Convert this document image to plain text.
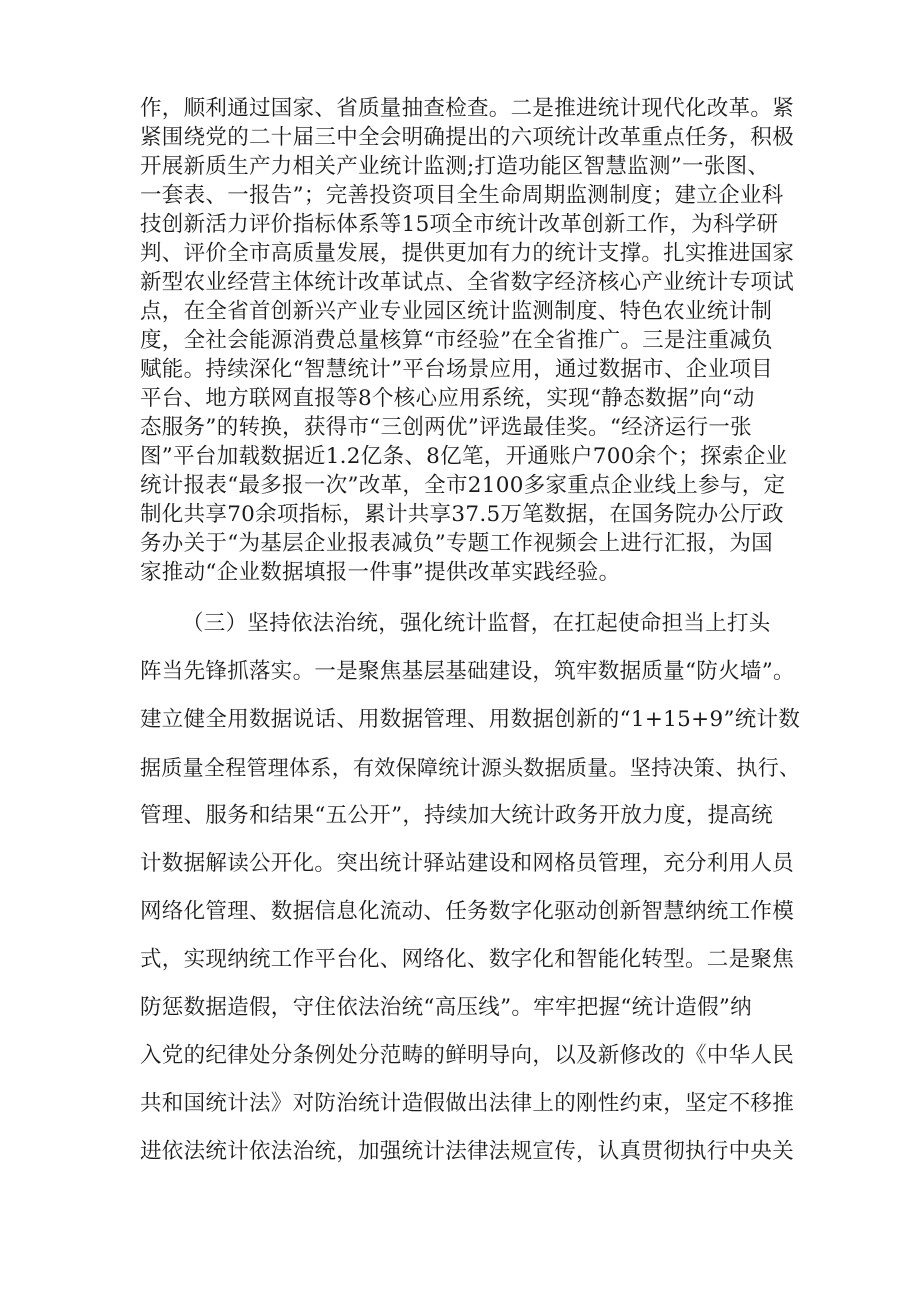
作，顺利通过国家、省质量抽查检查。二是推进统计现代化改革。紧
紧围绕党的二十届三中全会明确提出的六项统计改革重点任务，积极
开展新质生产力相关产业统计监测;打造功能区智慧监测”一张图、
一套表、一报告”；完善投资项目全生命周期监测制度；建立企业科
技创新活力评价指标体系等15项全市统计改革创新工作，为科学研
判、评价全市高质量发展，提供更加有力的统计支撑。扎实推进国家
新型农业经营主体统计改革试点、全省数字经济核心产业统计专项试
点，在全省首创新兴产业专业园区统计监测制度、特色农业统计制
度，全社会能源消费总量核算“市经验”在全省推广。三是注重减负
赋能。持续深化“智慧统计”平台场景应用，通过数据市、企业项目
平台、地方联网直报等8个核心应用系统，实现“静态数据”向“动
态服务”的转换，获得市“三创两优”评选最佳奖。“经济运行一张
图”平台加载数据近1.2亿条、8亿笔，开通账户700余个；探索企业
统计报表“最多报一次”改革，全市2100多家重点企业线上参与，定
制化共享70余项指标，累计共享37.5万笔数据，在国务院办公厅政
务办关于“为基层企业报表减负”专题工作视频会上进行汇报，为国
家推动“企业数据填报一件事”提供改革实践经验。
（三）坚持依法治统，强化统计监督，在扛起使命担当上打头
阵当先锋抓落实。一是聚焦基层基础建设，筑牢数据质量“防火墙”。
建立健全用数据说话、用数据管理、用数据创新的“1+15+9”统计数
据质量全程管理体系，有效保障统计源头数据质量。坚持决策、执行、
管理、服务和结果“五公开”，持续加大统计政务开放力度，提高统
计数据解读公开化。突出统计驿站建设和网格员管理，充分利用人员
网络化管理、数据信息化流动、任务数字化驱动创新智慧纳统工作模
式，实现纳统工作平台化、网络化、数字化和智能化转型。二是聚焦
防惩数据造假，守住依法治统“高压线”。牢牢把握“统计造假”纳
入党的纪律处分条例处分范畴的鲜明导向，以及新修改的《中华人民
共和国统计法》对防治统计造假做出法律上的刚性约束，坚定不移推
进依法统计依法治统，加强统计法律法规宣传，认真贯彻执行中央关
